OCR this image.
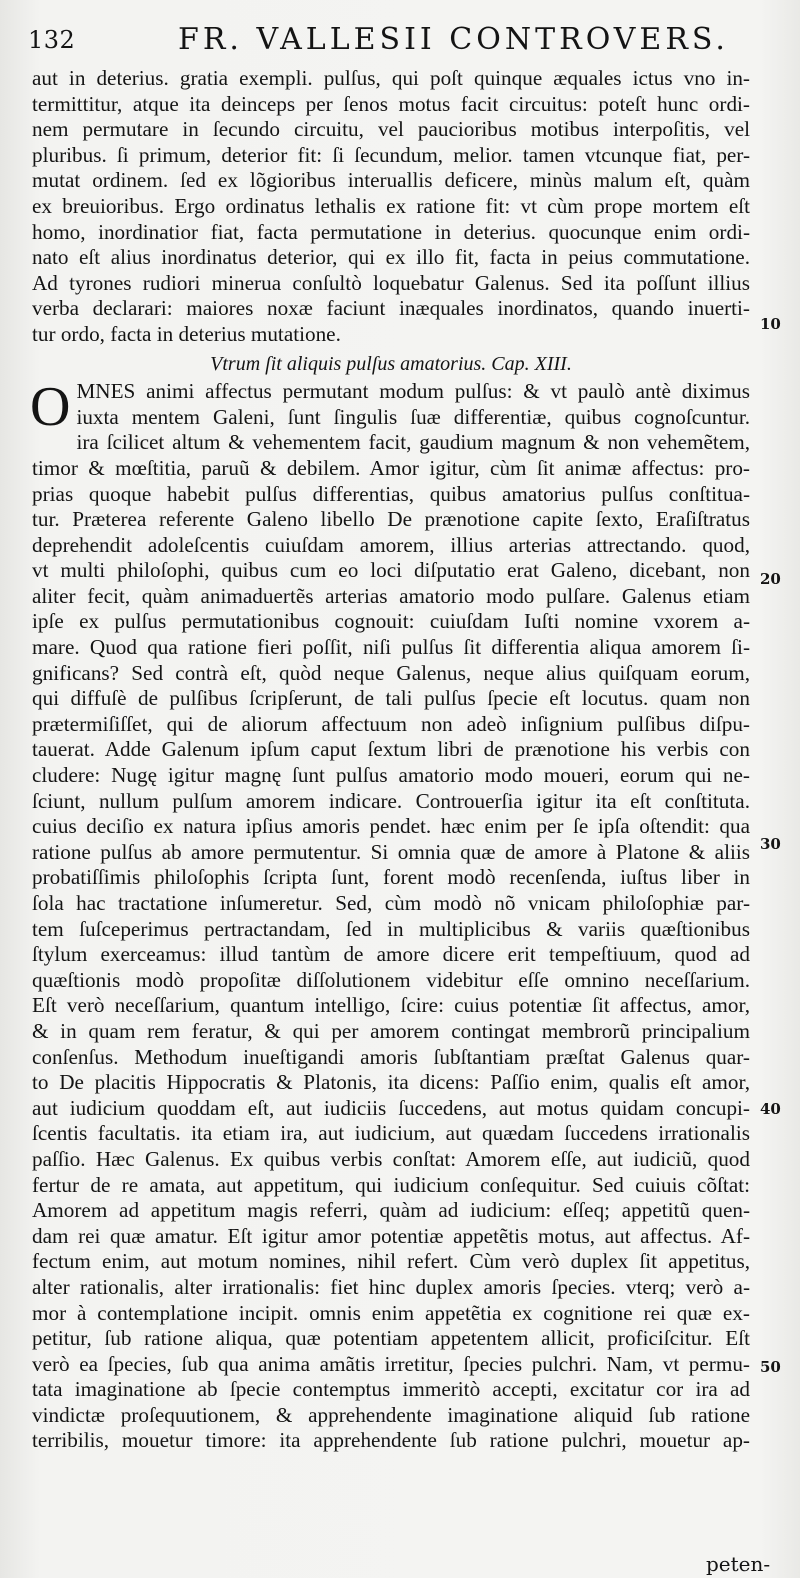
132	FR. VALLESII CONTROVERS.
aut in deterius. gratia exempli. pulſus, qui poſt quinque æquales ictus vno in-
termittitur, atque ita deinceps per ſenos motus facit circuitus: poteſt hunc ordi-
nem permutare in ſecundo circuitu, vel paucioribus motibus interpoſitis, vel
pluribus. ſi primum, deterior fit: ſi ſecundum, melior. tamen vtcunque fiat, per-
mutat ordinem. ſed ex lõgioribus interuallis deficere, minùs malum eſt, quàm
ex breuioribus. Ergo ordinatus lethalis ex ratione fit: vt cùm prope mortem eſt
homo, inordinatior fiat, facta permutatione in deterius. quocunque enim ordi-
nato eſt alius inordinatus deterior, qui ex illo fit, facta in peius commutatione.
Ad tyrones rudiori minerua conſultò loquebatur Galenus. Sed ita poſſunt illius
verba declarari: maiores noxæ faciunt inæquales inordinatos, quando inuerti-
tur ordo, facta in deterius mutatione.
Vtrum ſit aliquis pulſus amatorius. Cap. XIII.
O MNES animi affectus permutant modum pulſus: & vt paulò antè diximus
iuxta mentem Galeni, ſunt ſingulis ſuæ differentiæ, quibus cognoſcuntur.
ira ſcilicet altum & vehementem facit, gaudium magnum & non vehemẽtem,
timor & mœſtitia, paruũ & debilem. Amor igitur, cùm ſit animæ affectus: pro-
prias quoque habebit pulſus differentias, quibus amatorius pulſus conſtitua-
tur. Præterea referente Galeno libello De prænotione capite ſexto, Eraſiſtratus
deprehendit adoleſcentis cuiuſdam amorem, illius arterias attrectando. quod,
vt multi philoſophi, quibus cum eo loci diſputatio erat Galeno, dicebant, non
aliter fecit, quàm animaduertẽs arterias amatorio modo pulſare. Galenus etiam
ipſe ex pulſus permutationibus cognouit: cuiuſdam Iuſti nomine vxorem a-
mare. Quod qua ratione fieri poſſit, niſi pulſus ſit differentia aliqua amorem ſi-
gnificans? Sed contrà eſt, quòd neque Galenus, neque alius quiſquam eorum,
qui diffuſè de pulſibus ſcripſerunt, de tali pulſus ſpecie eſt locutus. quam non
prætermiſiſſet, qui de aliorum affectuum non adeò inſignium pulſibus diſpu-
tauerat. Adde Galenum ipſum caput ſextum libri de prænotione his verbis con
cludere: Nugę igitur magnę ſunt pulſus amatorio modo moueri, eorum qui ne-
ſciunt, nullum pulſum amorem indicare. Controuerſia igitur ita eſt conſtituta.
cuius deciſio ex natura ipſius amoris pendet. hæc enim per ſe ipſa oſtendit: qua
ratione pulſus ab amore permutentur. Si omnia quæ de amore à Platone & aliis
probatiſſimis philoſophis ſcripta ſunt, forent modò recenſenda, iuſtus liber in
ſola hac tractatione inſumeretur. Sed, cùm modò nõ vnicam philoſophiæ par-
tem ſuſceperimus pertractandam, ſed in multiplicibus & variis quæſtionibus
ſtylum exerceamus: illud tantùm de amore dicere erit tempeſtiuum, quod ad
quæſtionis modò propoſitæ diſſolutionem videbitur eſſe omnino neceſſarium.
Eſt verò neceſſarium, quantum intelligo, ſcire: cuius potentiæ ſit affectus, amor,
& in quam rem feratur, & qui per amorem contingat membrorũ principalium
conſenſus. Methodum inueſtigandi amoris ſubſtantiam præſtat Galenus quar-
to De placitis Hippocratis & Platonis, ita dicens: Paſſio enim, qualis eſt amor,
aut iudicium quoddam eſt, aut iudiciis ſuccedens, aut motus quidam concupi-
ſcentis facultatis. ita etiam ira, aut iudicium, aut quædam ſuccedens irrationalis
paſſio. Hæc Galenus. Ex quibus verbis conſtat: Amorem eſſe, aut iudiciũ, quod
fertur de re amata, aut appetitum, qui iudicium conſequitur. Sed cuiuis cõſtat:
Amorem ad appetitum magis referri, quàm ad iudicium: eſſeq; appetitũ quen-
dam rei quæ amatur. Eſt igitur amor potentiæ appetẽtis motus, aut affectus. Af-
fectum enim, aut motum nomines, nihil refert. Cùm verò duplex ſit appetitus,
alter rationalis, alter irrationalis: fiet hinc duplex amoris ſpecies. vterq; verò a-
mor à contemplatione incipit. omnis enim appetẽtia ex cognitione rei quæ ex-
petitur, ſub ratione aliqua, quæ potentiam appetentem allicit, proficiſcitur. Eſt
verò ea ſpecies, ſub qua anima amãtis irretitur, ſpecies pulchri. Nam, vt permu-
tata imaginatione ab ſpecie contemptus immeritò accepti, excitatur cor ira ad
vindictæ proſequutionem, & apprehendente imaginatione aliquid ſub ratione
terribilis, mouetur timore: ita apprehendente ſub ratione pulchri, mouetur ap-
10
20
30
40
50
peten-
